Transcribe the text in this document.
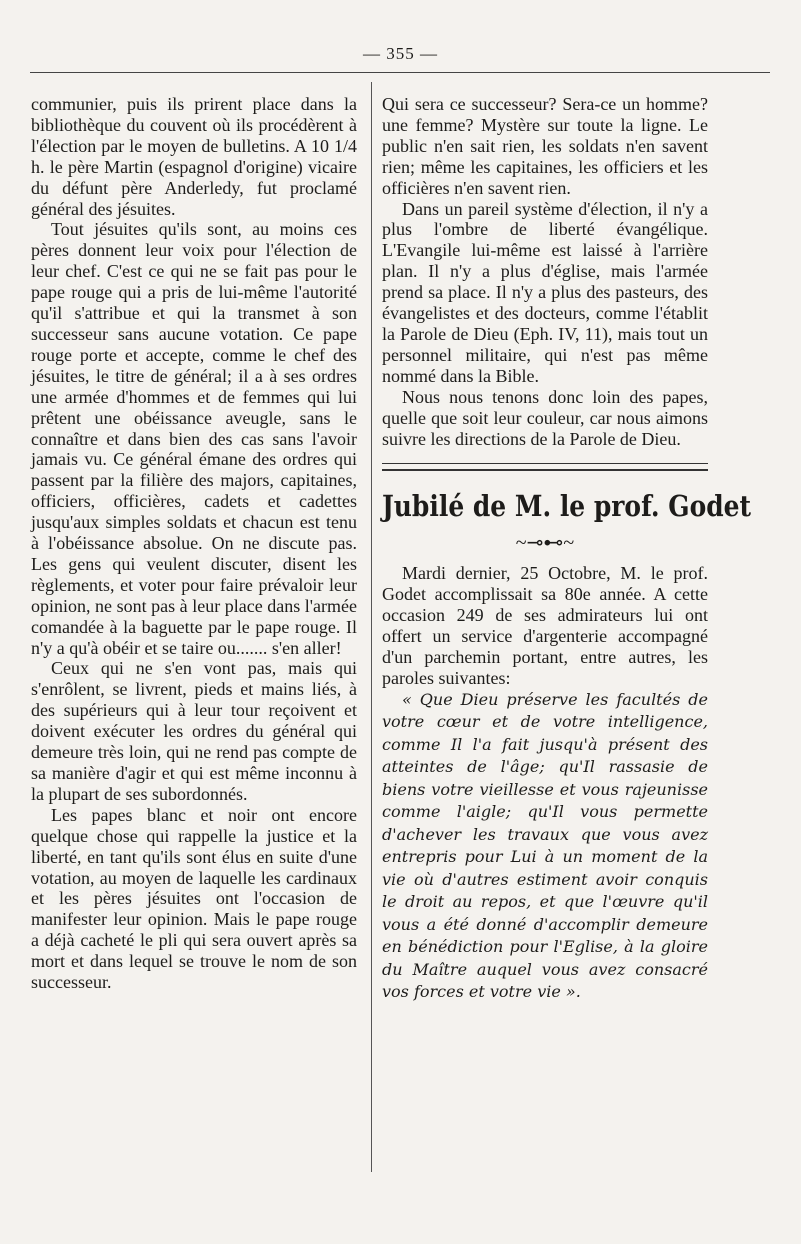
— 355 —

communier, puis ils prirent place dans la bibliothèque du couvent où ils procédèrent à l'élection par le moyen de bulletins. A 10 1/4 h. le père Martin (espagnol d'origine) vicaire du défunt père Anderledy, fut proclamé général des jésuites.

Tout jésuites qu'ils sont, au moins ces pères donnent leur voix pour l'élection de leur chef. C'est ce qui ne se fait pas pour le pape rouge qui a pris de lui-même l'autorité qu'il s'attribue et qui la transmet à son successeur sans aucune votation. Ce pape rouge porte et accepte, comme le chef des jésuites, le titre de général; il a à ses ordres une armée d'hommes et de femmes qui lui prêtent une obéissance aveugle, sans le connaître et dans bien des cas sans l'avoir jamais vu. Ce général émane des ordres qui passent par la filière des majors, capitaines, officiers, officières, cadets et cadettes jusqu'aux simples soldats et chacun est tenu à l'obéissance absolue. On ne discute pas. Les gens qui veulent discuter, disent les règlements, et voter pour faire prévaloir leur opinion, ne sont pas à leur place dans l'armée comandée à la baguette par le pape rouge. Il n'y a qu'à obéir et se taire ou....... s'en aller!

Ceux qui ne s'en vont pas, mais qui s'enrôlent, se livrent, pieds et mains liés, à des supérieurs qui à leur tour reçoivent et doivent exécuter les ordres du général qui demeure très loin, qui ne rend pas compte de sa manière d'agir et qui est même inconnu à la plupart de ses subordonnés.

Les papes blanc et noir ont encore quelque chose qui rappelle la justice et la liberté, en tant qu'ils sont élus en suite d'une votation, au moyen de laquelle les cardinaux et les pères jésuites ont l'occasion de manifester leur opinion. Mais le pape rouge a déjà cacheté le pli qui sera ouvert après sa mort et dans lequel se trouve le nom de son successeur.

Qui sera ce successeur? Sera-ce un homme? une femme? Mystère sur toute la ligne. Le public n'en sait rien, les soldats n'en savent rien; même les capitaines, les officiers et les officières n'en savent rien.

Dans un pareil système d'élection, il n'y a plus l'ombre de liberté évangélique. L'Evangile lui-même est laissé à l'arrière plan. Il n'y a plus d'église, mais l'armée prend sa place. Il n'y a plus des pasteurs, des évangelistes et des docteurs, comme l'établit la Parole de Dieu (Eph. IV, 11), mais tout un personnel militaire, qui n'est pas même nommé dans la Bible.

Nous nous tenons donc loin des papes, quelle que soit leur couleur, car nous aimons suivre les directions de la Parole de Dieu.

Jubilé de M. le prof. Godet
~⊸⊷~

Mardi dernier, 25 Octobre, M. le prof. Godet accomplissait sa 80e année. A cette occasion 249 de ses admirateurs lui ont offert un service d'argenterie accompagné d'un parchemin portant, entre autres, les paroles suivantes:

« Que Dieu préserve les facultés de votre cœur et de votre intelligence, comme Il l'a fait jusqu'à présent des atteintes de l'âge; qu'Il rassasie de biens votre vieillesse et vous rajeunisse comme l'aigle; qu'Il vous permette d'achever les travaux que vous avez entrepris pour Lui à un moment de la vie où d'autres estiment avoir conquis le droit au repos, et que l'œuvre qu'il vous a été donné d'accomplir demeure en bénédiction pour l'Eglise, à la gloire du Maître auquel vous avez consacré vos forces et votre vie ».
